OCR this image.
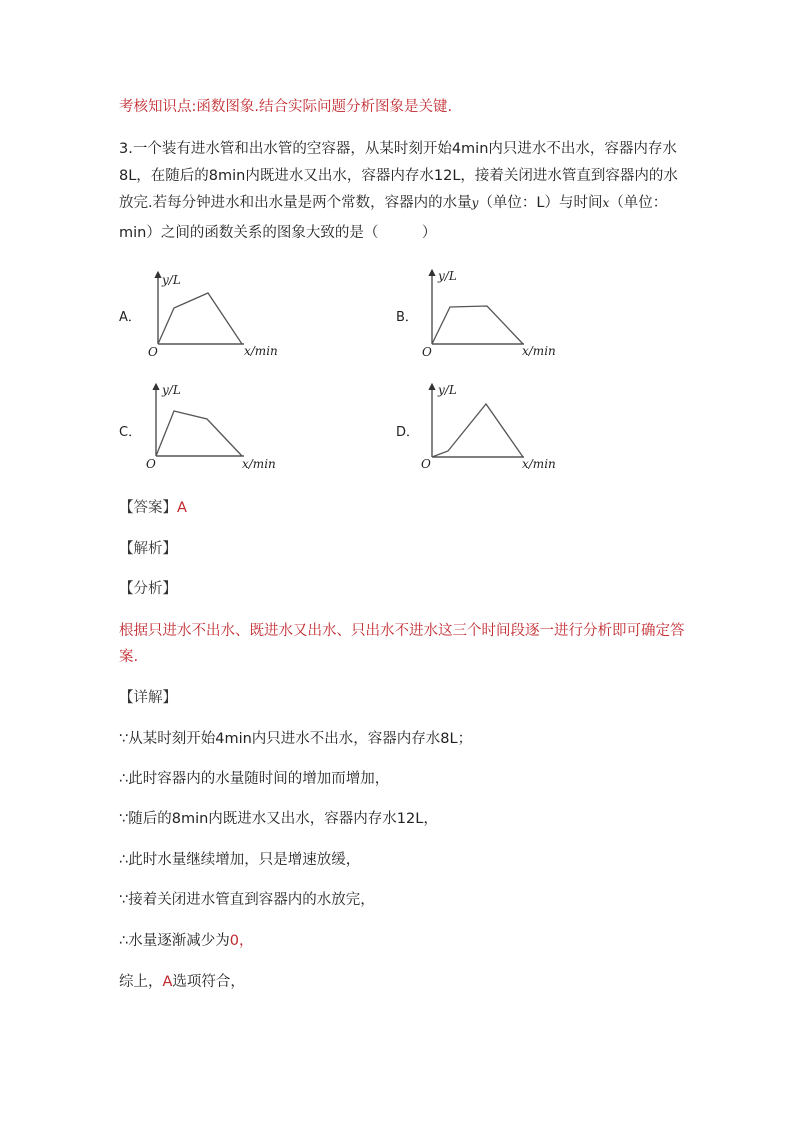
考核知识点:函数图象.结合实际问题分析图象是关键.
3.一个装有进水管和出水管的空容器，从某时刻开始4min内只进水不出水，容器内存水
8L，在随后的8min内既进水又出水，容器内存水12L，接着关闭进水管直到容器内的水
放完.若每分钟进水和出水量是两个常数，容器内的水量y（单位：L）与时间x（单位：
min）之间的函数关系的图象大致的是（　　　）
A．
y/L
O	x/min
B．
y/L
O	x/min
C．
y/L
O	x/min
D．
y/L
O	x/min
【答案】A
【解析】
【分析】
根据只进水不出水、既进水又出水、只出水不进水这三个时间段逐一进行分析即可确定答
案.
【详解】
∵从某时刻开始4min内只进水不出水，容器内存水8L；
∴此时容器内的水量随时间的增加而增加，
∵随后的8min内既进水又出水，容器内存水12L，
∴此时水量继续增加，只是增速放缓，
∵接着关闭进水管直到容器内的水放完，
∴水量逐渐减少为0，
综上，A选项符合，
